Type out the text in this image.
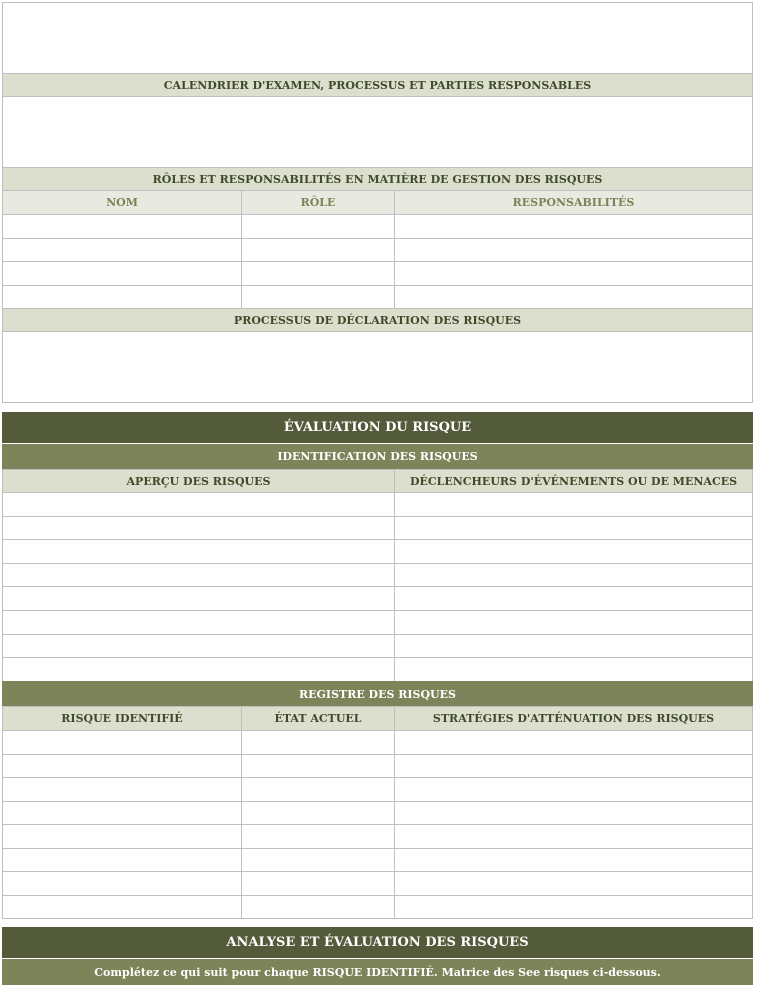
CALENDRIER D'EXAMEN, PROCESSUS ET PARTIES RESPONSABLES
RÔLES ET RESPONSABILITÉS EN MATIÈRE DE GESTION DES RISQUES
NOM	RÔLE	RESPONSABILITÉS
PROCESSUS DE DÉCLARATION DES RISQUES
ÉVALUATION DU RISQUE
IDENTIFICATION DES RISQUES
APERÇU DES RISQUES	DÉCLENCHEURS D'ÉVÉNEMENTS OU DE MENACES
REGISTRE DES RISQUES
RISQUE IDENTIFIÉ	ÉTAT ACTUEL	STRATÉGIES D'ATTÉNUATION DES RISQUES
ANALYSE ET ÉVALUATION DES RISQUES
Complétez ce qui suit pour chaque RISQUE IDENTIFIÉ. Matrice des See risques ci-dessous.
